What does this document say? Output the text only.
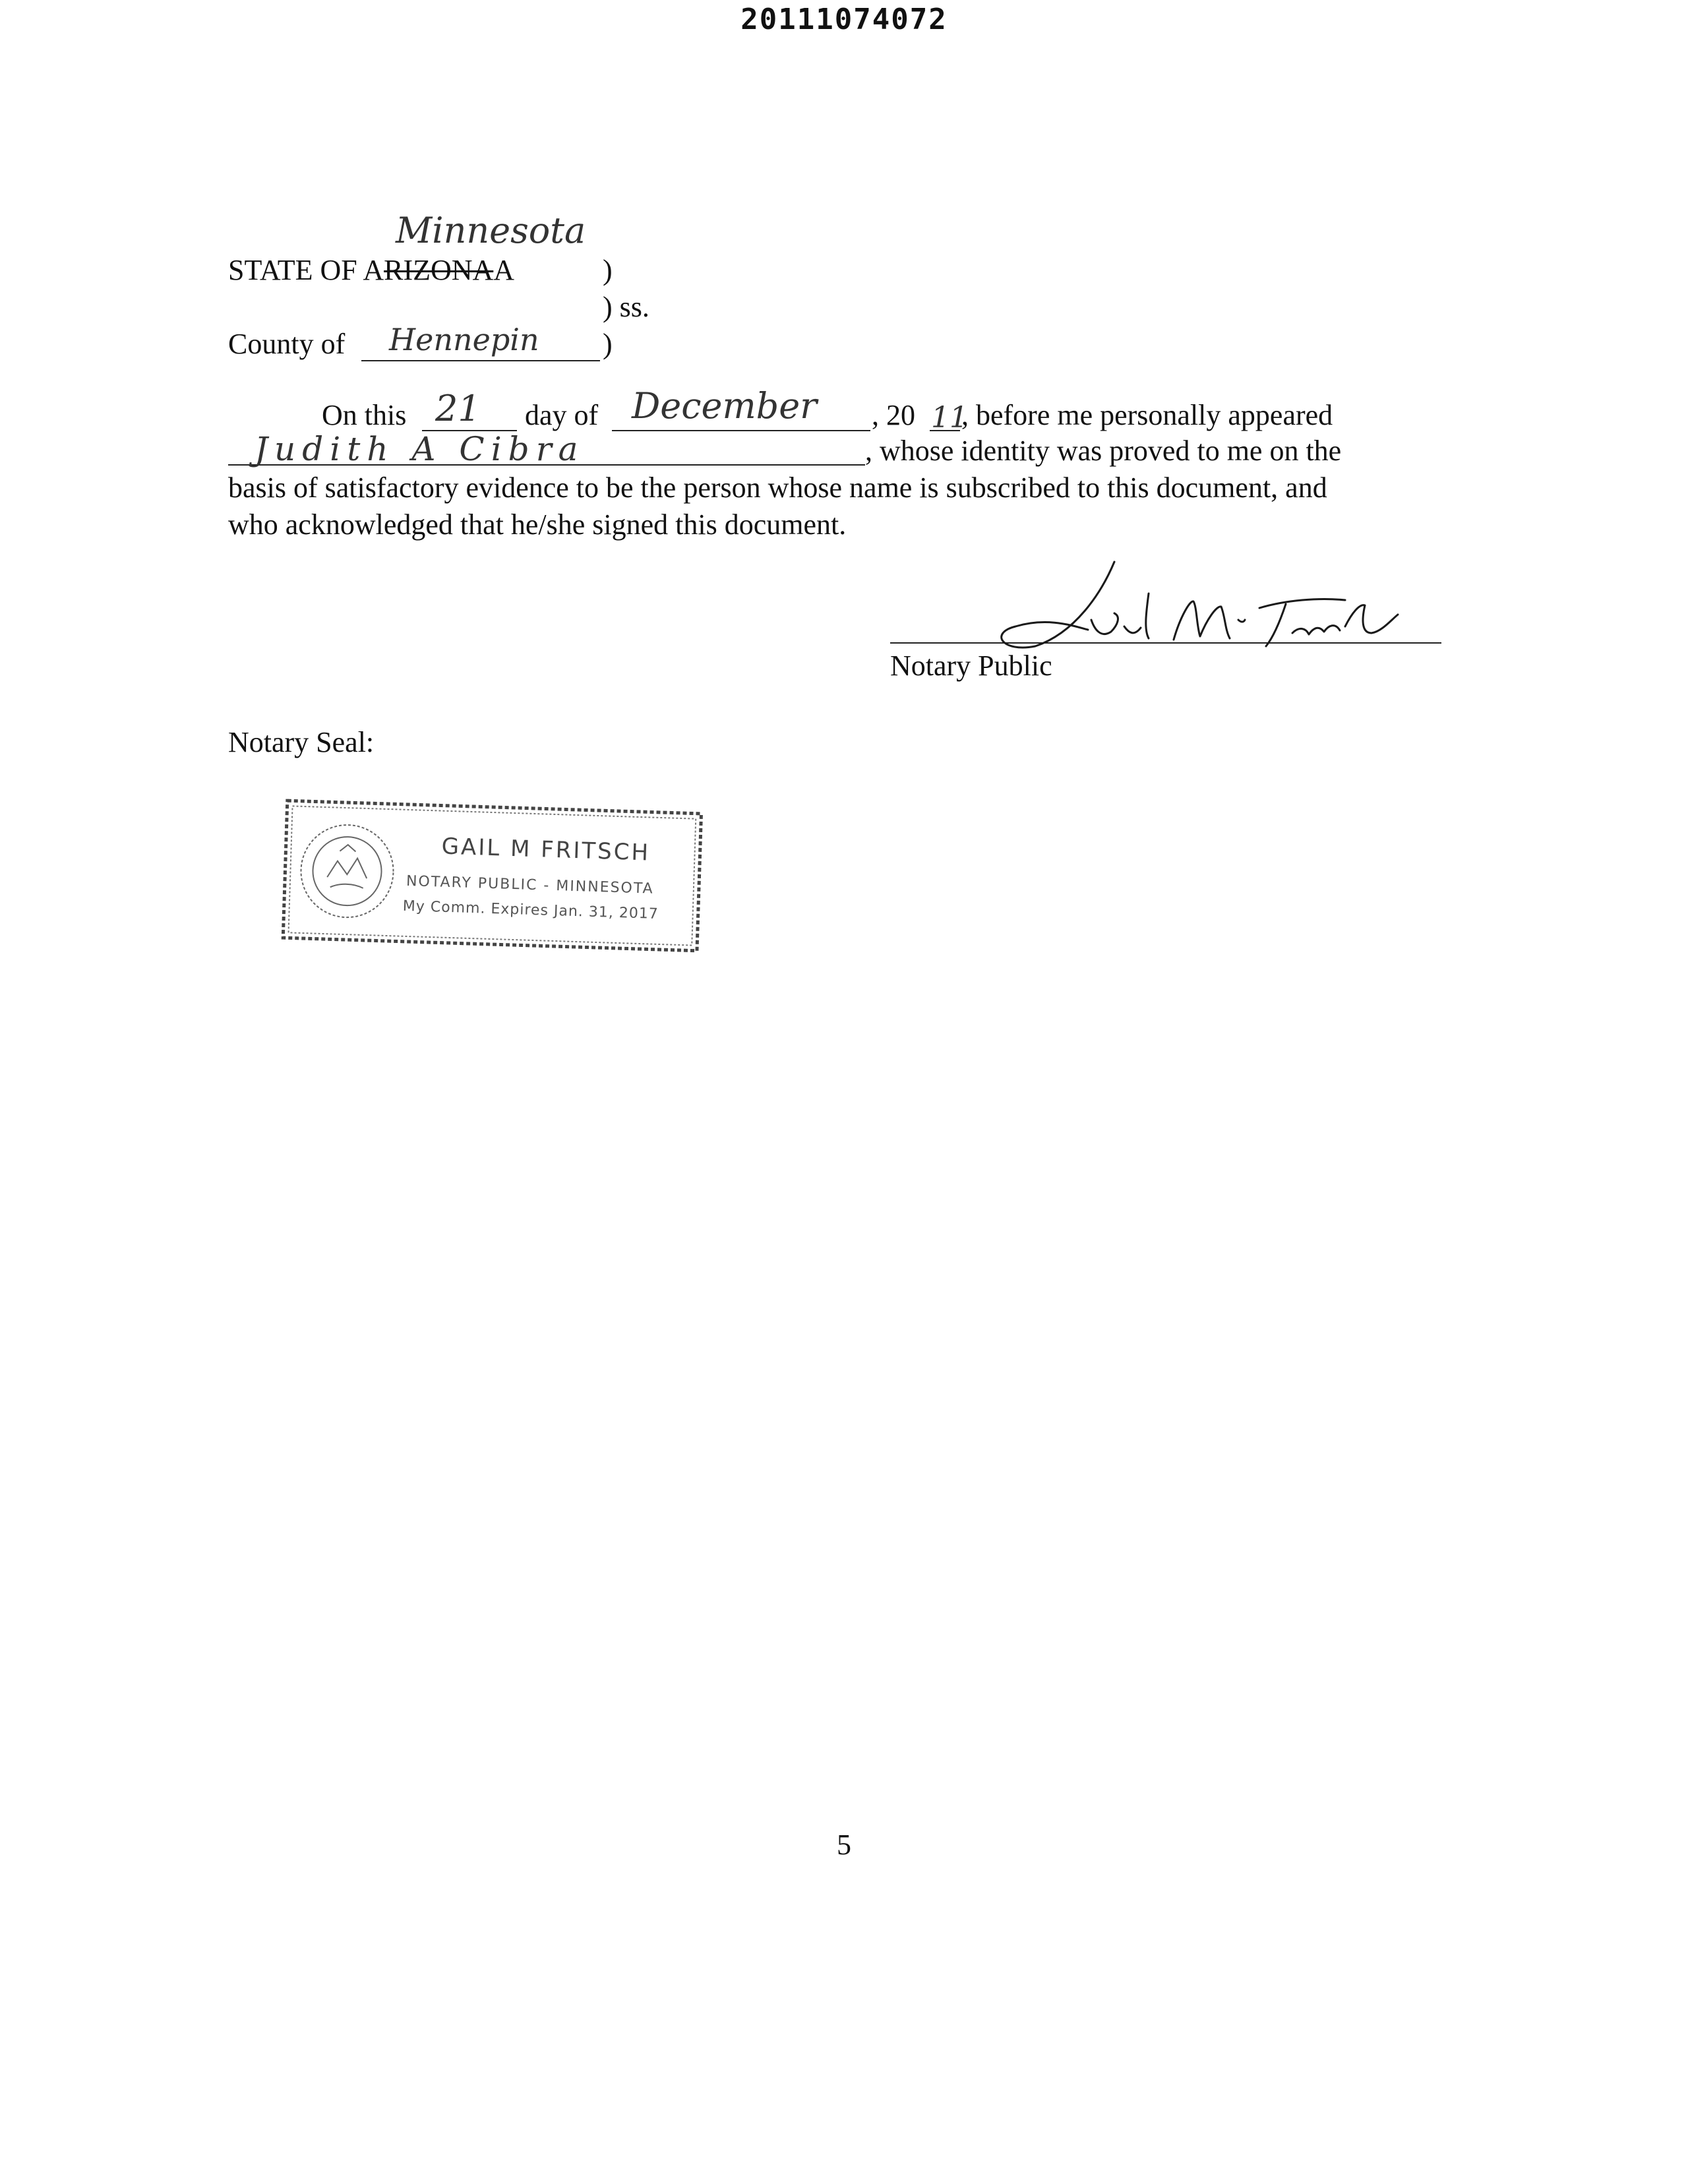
20111074072
Minnesota
STATE OF ARIZONAA	)
) ss.
County of Hennepin )
On this 21 day of December , 20 11
, before me personally appeared
Judith A Cibra	, whose identity was proved to me on the
basis of satisfactory evidence to be the person whose name is subscribed to this document, and
who acknowledged that he/she signed this document.
Notary Public
Notary Seal:
GAIL M FRITSCH
NOTARY PUBLIC - MINNESOTA
My Comm. Expires Jan. 31, 2017
5
